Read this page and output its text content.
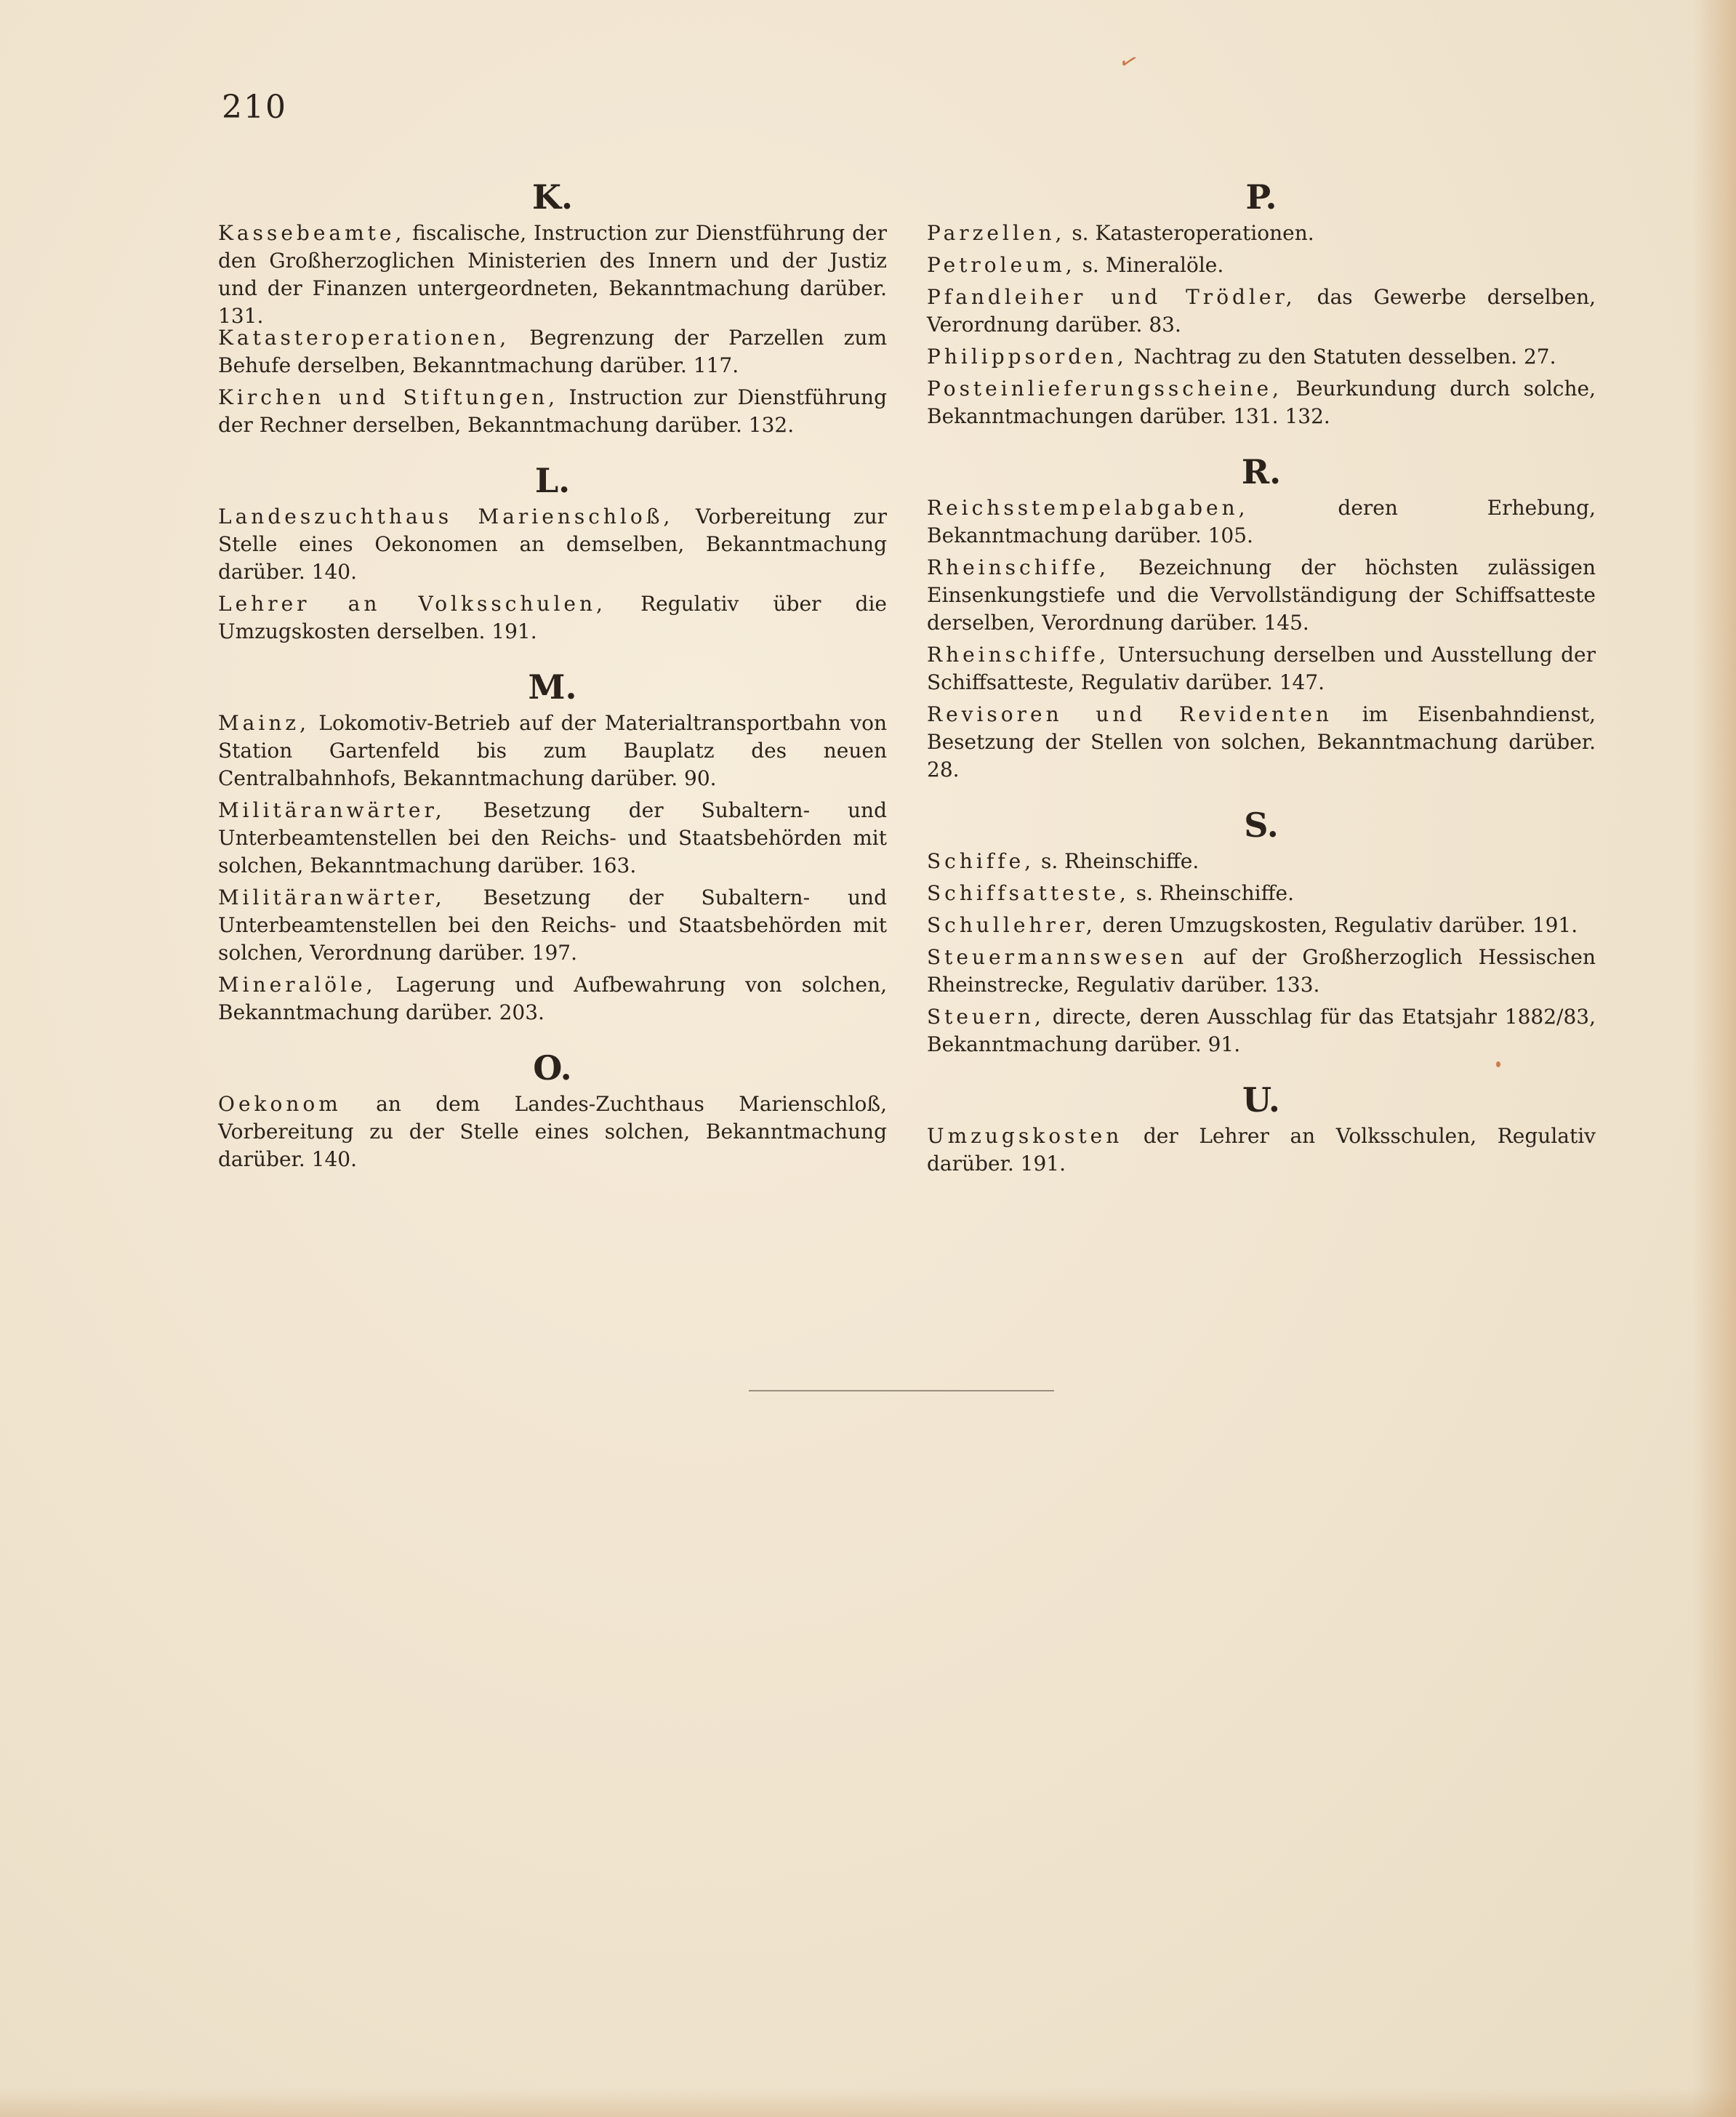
✓
210

K.

Kassebeamte, fiscalische, Instruction zur Dienstführung der den Großherzoglichen Ministerien des Innern und der Justiz und der Finanzen untergeordneten, Bekanntmachung darüber. 131.

Katasteroperationen, Begrenzung der Parzellen zum Behufe derselben, Bekanntmachung darüber. 117.

Kirchen und Stiftungen, Instruction zur Dienstführung der Rechner derselben, Bekanntmachung darüber. 132.

L.

Landeszuchthaus Marienschloß, Vorbereitung zur Stelle eines Oekonomen an demselben, Bekanntmachung darüber. 140.

Lehrer an Volksschulen, Regulativ über die Umzugskosten derselben. 191.

M.

Mainz, Lokomotiv-Betrieb auf der Materialtransportbahn von Station Gartenfeld bis zum Bauplatz des neuen Centralbahnhofs, Bekanntmachung darüber. 90.

Militäranwärter, Besetzung der Subaltern- und Unterbeamtenstellen bei den Reichs- und Staatsbehörden mit solchen, Bekanntmachung darüber. 163.

Militäranwärter, Besetzung der Subaltern- und Unterbeamtenstellen bei den Reichs- und Staatsbehörden mit solchen, Verordnung darüber. 197.

Mineralöle, Lagerung und Aufbewahrung von solchen, Bekanntmachung darüber. 203.

O.

Oekonom an dem Landes-Zuchthaus Marienschloß, Vorbereitung zu der Stelle eines solchen, Bekanntmachung darüber. 140.

P.

Parzellen, s. Katasteroperationen.

Petroleum, s. Mineralöle.

Pfandleiher und Trödler, das Gewerbe derselben, Verordnung darüber. 83.

Philippsorden, Nachtrag zu den Statuten desselben. 27.

Posteinlieferungsscheine, Beurkundung durch solche, Bekanntmachungen darüber. 131. 132.

R.

Reichsstempelabgaben,	deren Erhebung, Bekanntmachung darüber. 105.

Rheinschiffe, Bezeichnung der höchsten zulässigen Einsenkungstiefe und die Vervollständigung der Schiffsatteste derselben, Verordnung darüber. 145.

Rheinschiffe, Untersuchung derselben und Ausstellung der Schiffsatteste, Regulativ darüber. 147.

Revisoren und Revidenten im Eisenbahndienst, Besetzung der Stellen von solchen, Bekanntmachung darüber. 28.

S.

Schiffe, s. Rheinschiffe.

Schiffsatteste, s. Rheinschiffe.

Schullehrer, deren Umzugskosten, Regulativ darüber. 191.

Steuermannswesen auf der Großherzoglich Hessischen Rheinstrecke, Regulativ darüber. 133.

Steuern, directe, deren Ausschlag für das Etatsjahr 1882/83, Bekanntmachung darüber. 91.

U.

Umzugskosten der Lehrer an Volksschulen, Regulativ darüber. 191.
